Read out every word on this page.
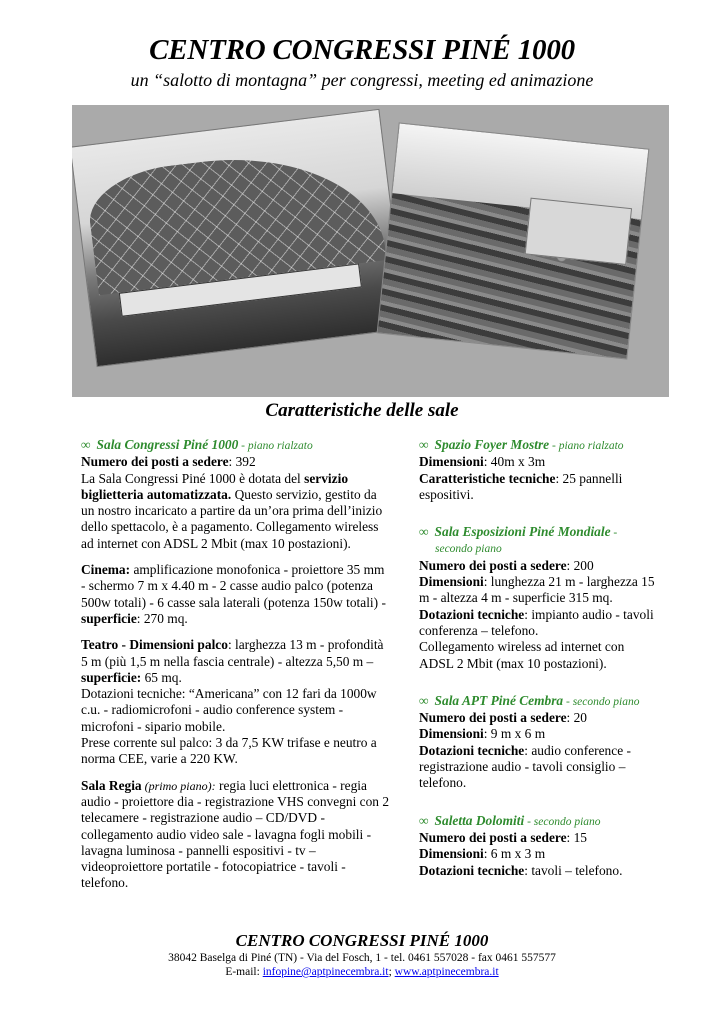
CENTRO CONGRESSI PINÉ 1000
un “salotto di montagna” per congressi, meeting ed animazione
Caratteristiche delle sale
∞ Sala Congressi Piné 1000 - piano rialzato
Numero dei posti a sedere: 392
La Sala Congressi Piné 1000 è dotata del servizio biglietteria automatizzata. Questo servizio, gestito da un nostro incaricato a partire da un’ora prima dell’inizio dello spettacolo, è a pagamento. Collegamento wireless ad internet con ADSL 2 Mbit (max 10 postazioni).
Cinema: amplificazione monofonica - proiettore 35 mm - schermo 7 m x 4.40 m - 2 casse audio palco (potenza 500w totali) - 6 casse sala laterali (potenza 150w totali) - superficie: 270 mq.
Teatro - Dimensioni palco: larghezza 13 m - profondità 5 m (più 1,5 m nella fascia centrale) - altezza 5,50 m – superficie: 65 mq.
Dotazioni tecniche: “Americana” con 12 fari da 1000w c.u. - radiomicrofoni - audio conference system - microfoni - sipario mobile.
Prese corrente sul palco: 3 da 7,5 KW trifase e neutro a norma CEE, varie a 220 KW.
Sala Regia (primo piano): regia luci elettronica - regia audio - proiettore dia - registrazione VHS convegni con 2 telecamere - registrazione audio – CD/DVD - collegamento audio video sale - lavagna fogli mobili - lavagna luminosa - pannelli espositivi - tv – videoproiettore portatile - fotocopiatrice - tavoli - telefono.
∞ Spazio Foyer Mostre - piano rialzato
Dimensioni: 40m x 3m
Caratteristiche tecniche: 25 pannelli espositivi.
∞ Sala Esposizioni Piné Mondiale -
secondo piano
Numero dei posti a sedere: 200
Dimensioni: lunghezza 21 m - larghezza 15 m - altezza 4 m - superficie 315 mq.
Dotazioni tecniche: impianto audio - tavoli conferenza – telefono.
Collegamento wireless ad internet con ADSL 2 Mbit (max 10 postazioni).
∞ Sala APT Piné Cembra - secondo piano
Numero dei posti a sedere: 20
Dimensioni: 9 m x 6 m
Dotazioni tecniche: audio conference - registrazione audio - tavoli consiglio – telefono.
∞ Saletta Dolomiti - secondo piano
Numero dei posti a sedere: 15
Dimensioni: 6 m x 3 m
Dotazioni tecniche: tavoli – telefono.
CENTRO CONGRESSI PINÉ 1000
38042 Baselga di Piné (TN) - Via del Fosch, 1 - tel. 0461 557028 - fax 0461 557577
E-mail: infopine@aptpinecembra.it; www.aptpinecembra.it
